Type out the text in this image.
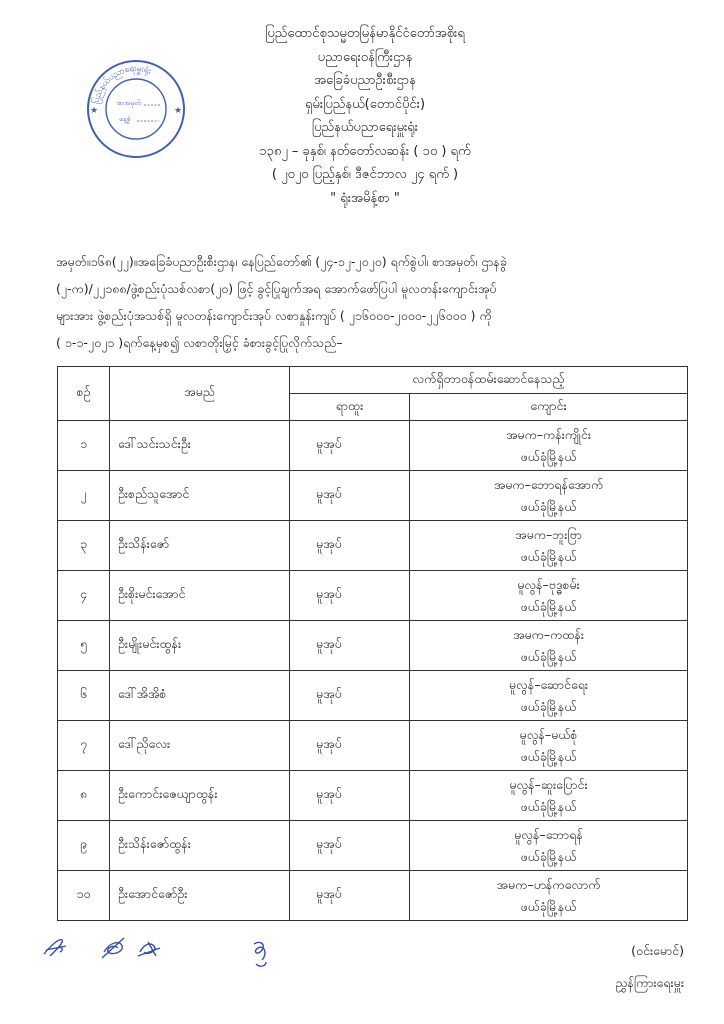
ပြည်ထောင်စုသမ္မတမြန်မာနိုင်ငံတော်အစိုးရ
ပညာရေးဝန်ကြီးဌာန
အခြေခံပညာဦးစီးဌာန
ရှမ်းပြည်နယ်(တောင်ပိုင်း)
ပြည်နယ်ပညာရေးမှူးရုံး
၁၃၈၂ – ခုနှစ်၊ နတ်တော်လဆန်း ( ၁၀ ) ရက်
( ၂၀၂၀ ပြည့်နှစ်၊ ဒီဇင်ဘာလ ၂၄ ရက် )
" ရုံးအမိန့်စာ "
ပြည်နယ်ပညာရေးမှူးရုံး
စာအမှတ်
နေ့စွဲ
★	★
အမှတ်။၁၆၈(၂၂)။အခြေခံပညာဦးစီးဌာန၊ နေပြည်တော်၏ (၂၄-၁၂-၂၀၂၀) ရက်စွဲပါ၊ စာအမှတ်၊ ဌာနခွဲ
(၂-က)/၂၂၁၈၈/ဖွဲ့စည်းပုံသစ်လစာ(၂၀) ဖြင့် ခွင့်ပြုချက်အရ အောက်ဖော်ပြပါ မူလတန်းကျောင်းအုပ်
များအား ဖွဲ့စည်းပုံအသစ်ရှိ မူလတန်းကျောင်းအုပ် လစာနှုန်းကျပ် ( ၂၁၆၀၀၀-၂၀၀၀-၂၂၆၀၀၀ ) ကို
( ၁-၁-၂၀၂၁ )ရက်နေ့မှစ၍ လစာတိုးမြှင့် ခံစားခွင့်ပြုလိုက်သည်–
စဉ်	အမည်	လက်ရှိတာဝန်ထမ်းဆောင်နေသည့်	
		ရာထူး	ကျောင်း
၁	ဒေါ်သင်းသင်းဦး	မူအုပ်	အမက–ကန်းကျိုင်း
ဖယ်ခုံမြို့နယ်

၂	ဦးစည်သူအောင်	မူအုပ်	အမက–ဘောရန်အောက်
ဖယ်ခုံမြို့နယ်

၃	ဦးသိန်းဇော်	မူအုပ်	အမက–ဘူးဗြာ
ဖယ်ခုံမြို့နယ်

၄	ဦးစိုးမင်းအောင်	မူအုပ်	မူလွန်–ဗုဒ္ဓစမ်း
ဖယ်ခုံမြို့နယ်

၅	ဦးမျိုးမင်းထွန်း	မူအုပ်	အမက–ကထန်း
ဖယ်ခုံမြို့နယ်

၆	ဒေါ်အိအိစံ	မူအုပ်	မူလွန်–ဆောင်ရေး
ဖယ်ခုံမြို့နယ်

၇	ဒေါ်ညိုလေး	မူအုပ်	မူလွန်–မယ်စုံ
ဖယ်ခုံမြို့နယ်

၈	ဦးကောင်းဇေယျာထွန်း	မူအုပ်	မူလွန်–ဆူးပြောင်း
ဖယ်ခုံမြို့နယ်

၉	ဦးသိန်းဇော်ထွန်း	မူအုပ်	မူလွန်–ဘောရန်
ဖယ်ခုံမြို့နယ်

၁၀	ဦးအောင်ဇော်ဦး	မူအုပ်	အမက–ဟန်ကလောက်
ဖယ်ခုံမြို့နယ်
(ဝင်းမောင်)
ညွှန်ကြားရေးမှူး
